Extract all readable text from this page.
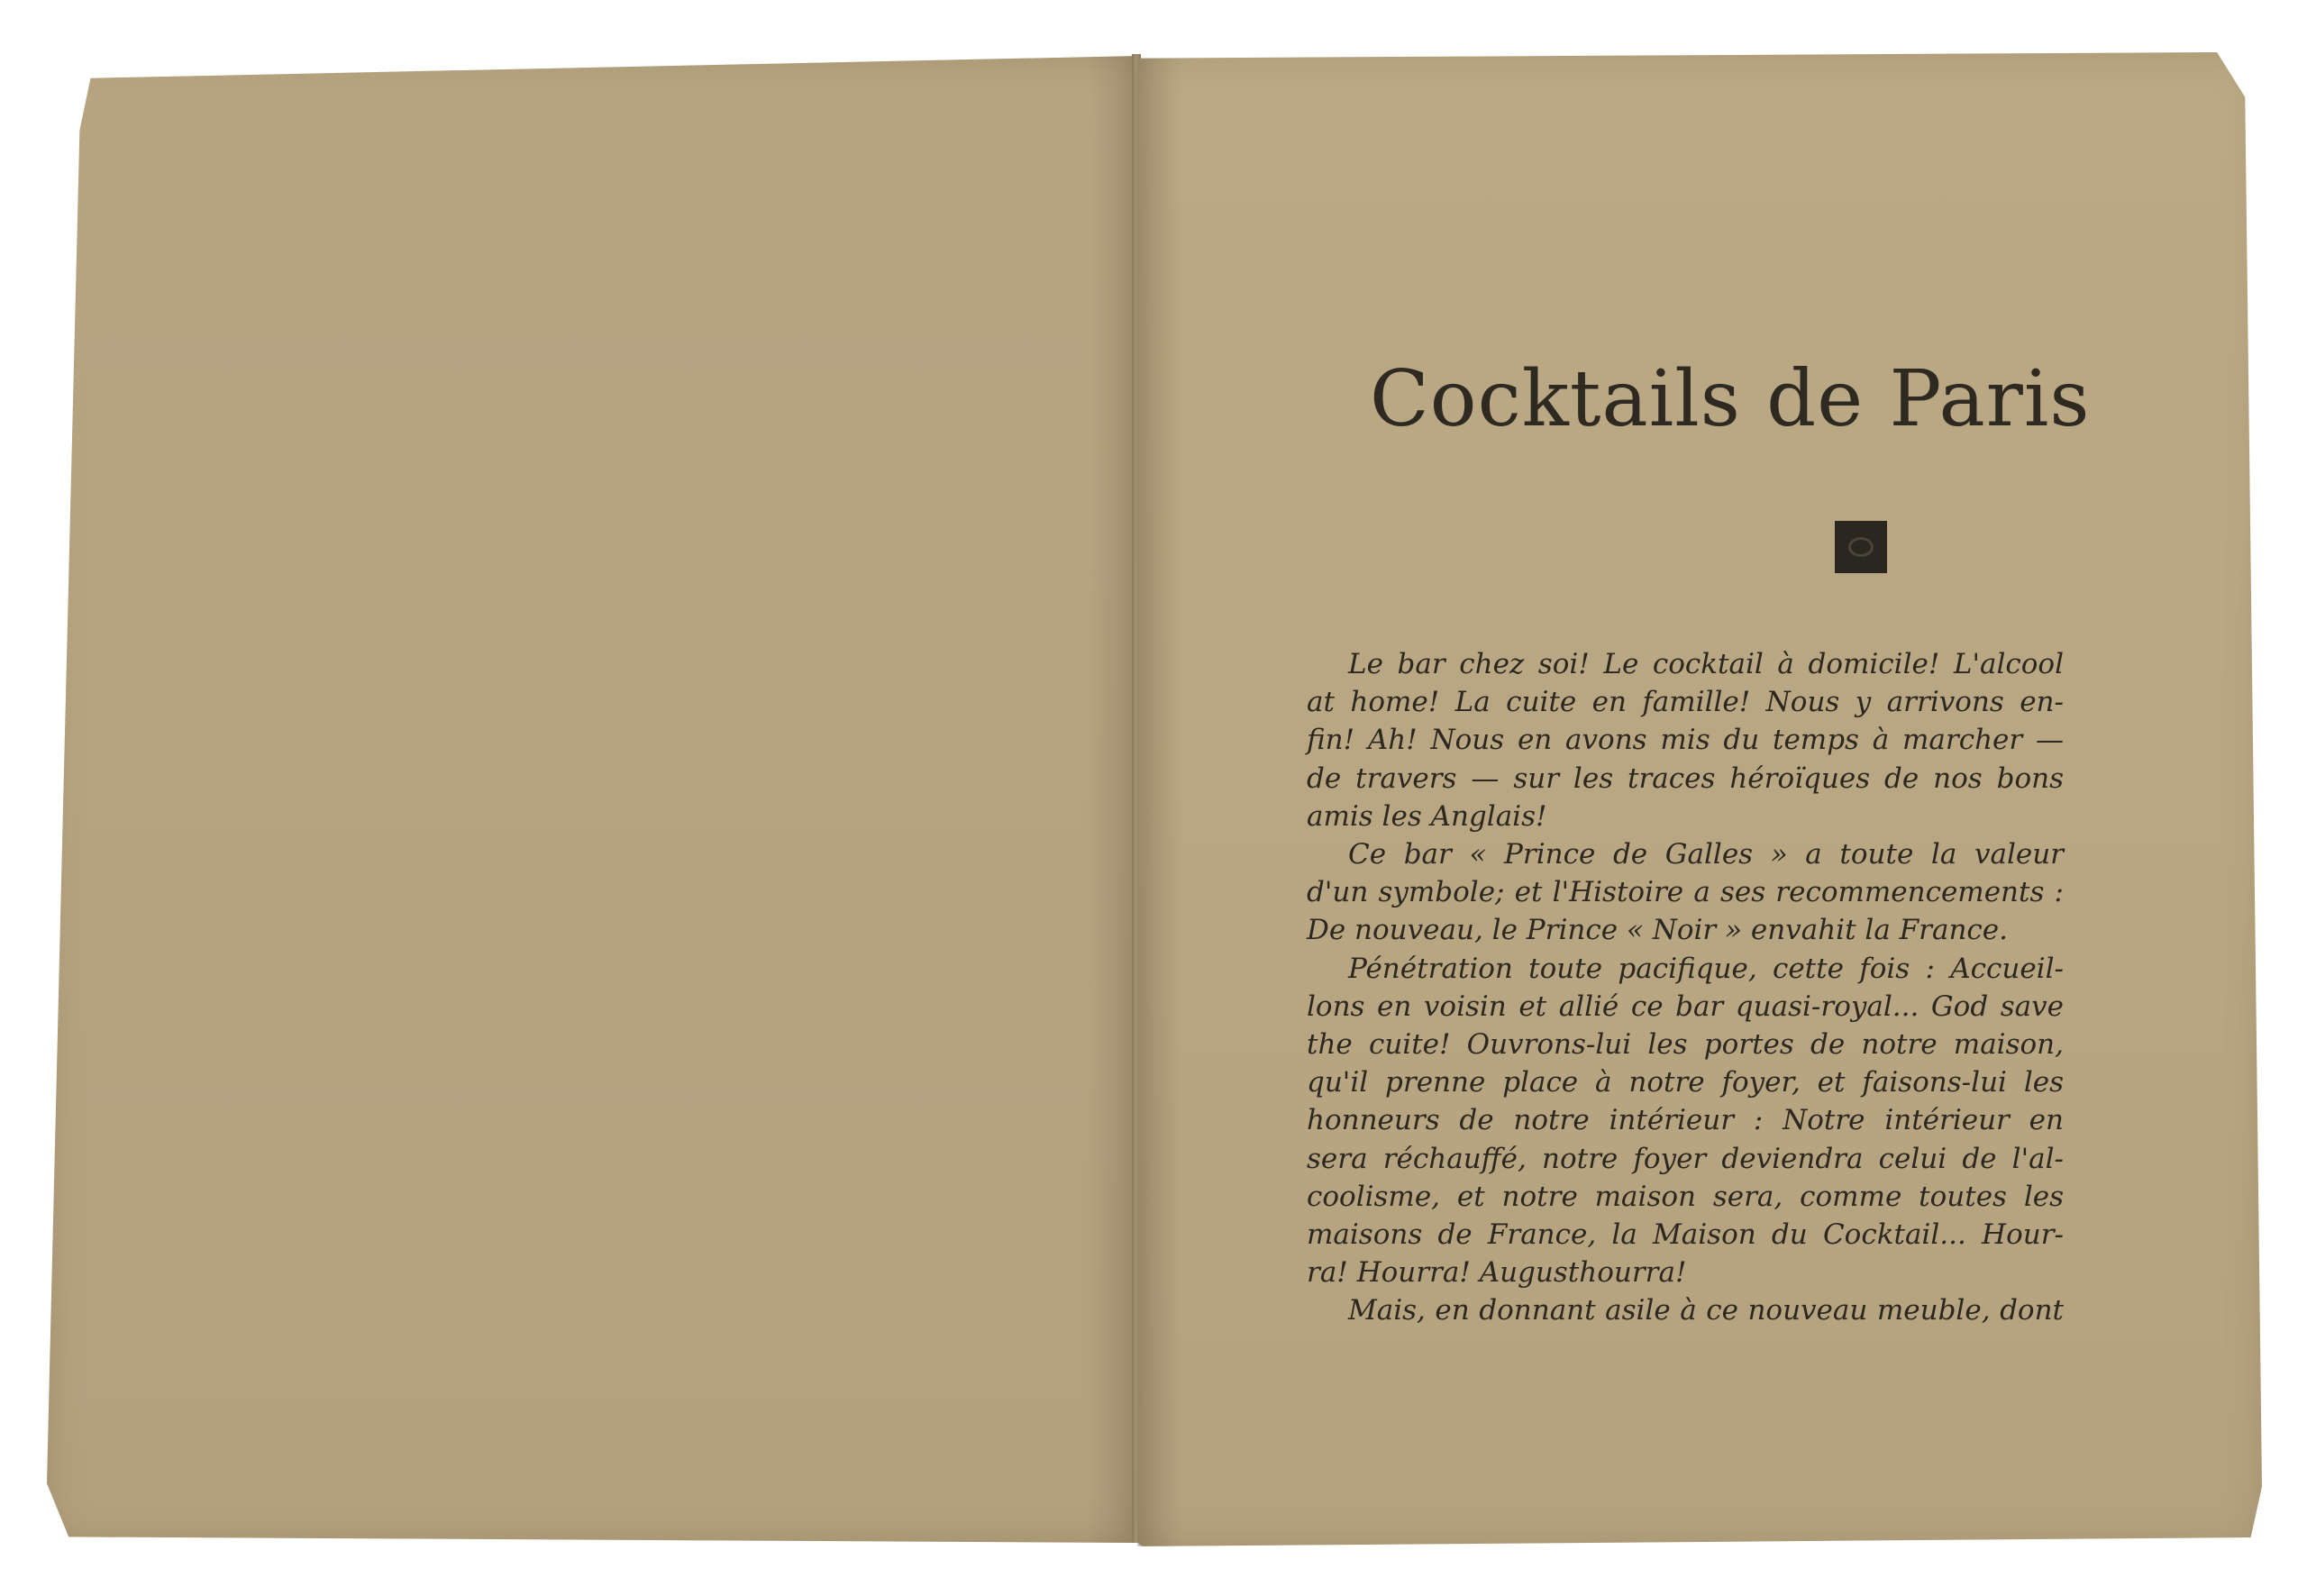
Cocktails de Paris
Le bar chez soi! Le cocktail à domicile! L'alcool
at home! La cuite en famille! Nous y arrivons en-
fin! Ah! Nous en avons mis du temps à marcher —
de travers — sur les traces héroïques de nos bons
amis les Anglais!
Ce bar « Prince de Galles » a toute la valeur
d'un symbole; et l'Histoire a ses recommencements :
De nouveau, le Prince « Noir » envahit la France.
Pénétration toute pacifique, cette fois : Accueil-
lons en voisin et allié ce bar quasi-royal... God save
the cuite! Ouvrons-lui les portes de notre maison,
qu'il prenne place à notre foyer, et faisons-lui les
honneurs de notre intérieur : Notre intérieur en
sera réchauffé, notre foyer deviendra celui de l'al-
coolisme, et notre maison sera, comme toutes les
maisons de France, la Maison du Cocktail... Hour-
ra! Hourra! Augusthourra!
Mais, en donnant asile à ce nouveau meuble, dont
